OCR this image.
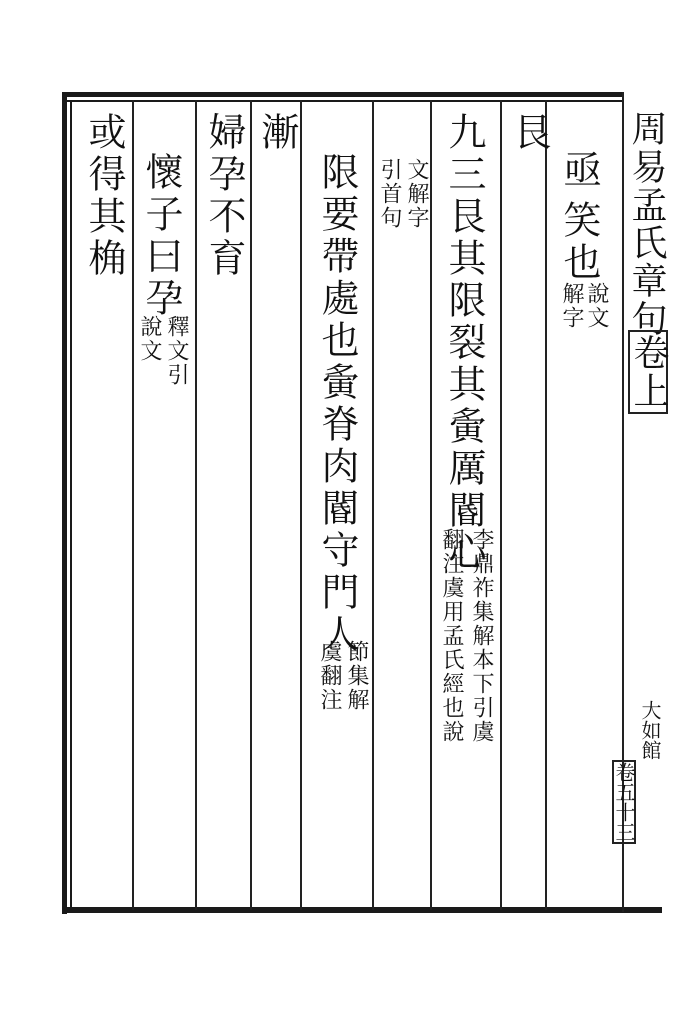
周易孟氏章句
卷上
大如館
卷五十三
亟
笑也
說文
解字
艮
九三艮其限裂其夤厲閽心
李鼎祚集解本下引虞
翻注虞用孟氏經也說
文解字
引首句
限要帶處也夤脊肉閽守門人
節集解
虞翻注
漸
婦孕不育
懷子曰孕
釋文引
說文
或得其桷
